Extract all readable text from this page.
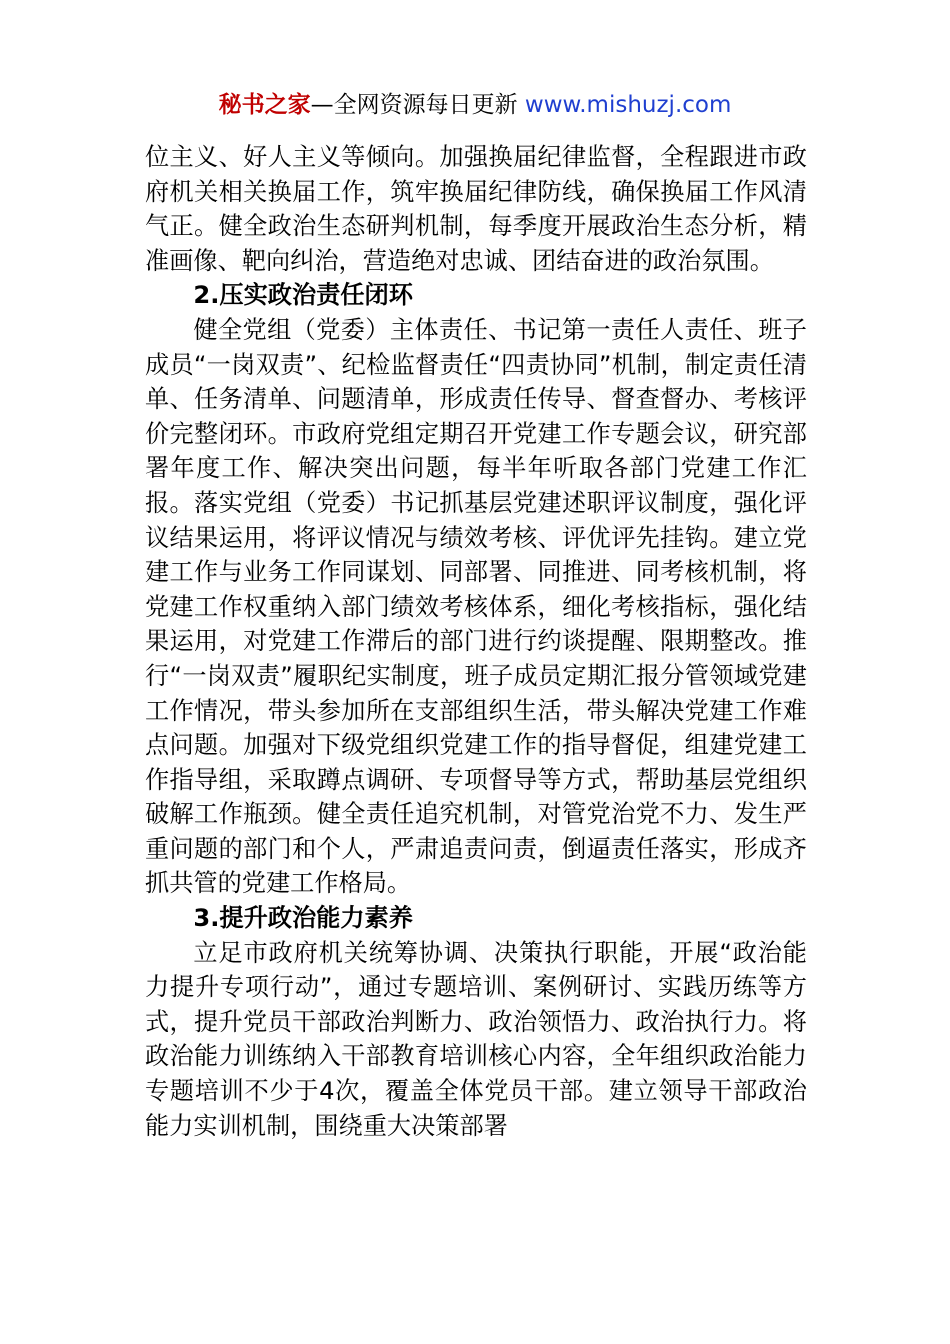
秘书之家—全网资源每日更新 www.mishuzj.com

位主义、好人主义等倾向。加强换届纪律监督，全程跟进市政府机关相关换届工作，筑牢换届纪律防线，确保换届工作风清气正。健全政治生态研判机制，每季度开展政治生态分析，精准画像、靶向纠治，营造绝对忠诚、团结奋进的政治氛围。

2.压实政治责任闭环

健全党组（党委）主体责任、书记第一责任人责任、班子成员“一岗双责”、纪检监督责任“四责协同”机制，制定责任清单、任务清单、问题清单，形成责任传导、督查督办、考核评价完整闭环。市政府党组定期召开党建工作专题会议，研究部署年度工作、解决突出问题，每半年听取各部门党建工作汇报。落实党组（党委）书记抓基层党建述职评议制度，强化评议结果运用，将评议情况与绩效考核、评优评先挂钩。建立党建工作与业务工作同谋划、同部署、同推进、同考核机制，将党建工作权重纳入部门绩效考核体系，细化考核指标，强化结果运用，对党建工作滞后的部门进行约谈提醒、限期整改。推行“一岗双责”履职纪实制度，班子成员定期汇报分管领域党建工作情况，带头参加所在支部组织生活，带头解决党建工作难点问题。加强对下级党组织党建工作的指导督促，组建党建工作指导组，采取蹲点调研、专项督导等方式，帮助基层党组织破解工作瓶颈。健全责任追究机制，对管党治党不力、发生严重问题的部门和个人，严肃追责问责，倒逼责任落实，形成齐抓共管的党建工作格局。

3.提升政治能力素养

立足市政府机关统筹协调、决策执行职能，开展“政治能力提升专项行动”，通过专题培训、案例研讨、实践历练等方式，提升党员干部政治判断力、政治领悟力、政治执行力。将政治能力训练纳入干部教育培训核心内容，全年组织政治能力专题培训不少于4次，覆盖全体党员干部。建立领导干部政治能力实训机制，围绕重大决策部署
